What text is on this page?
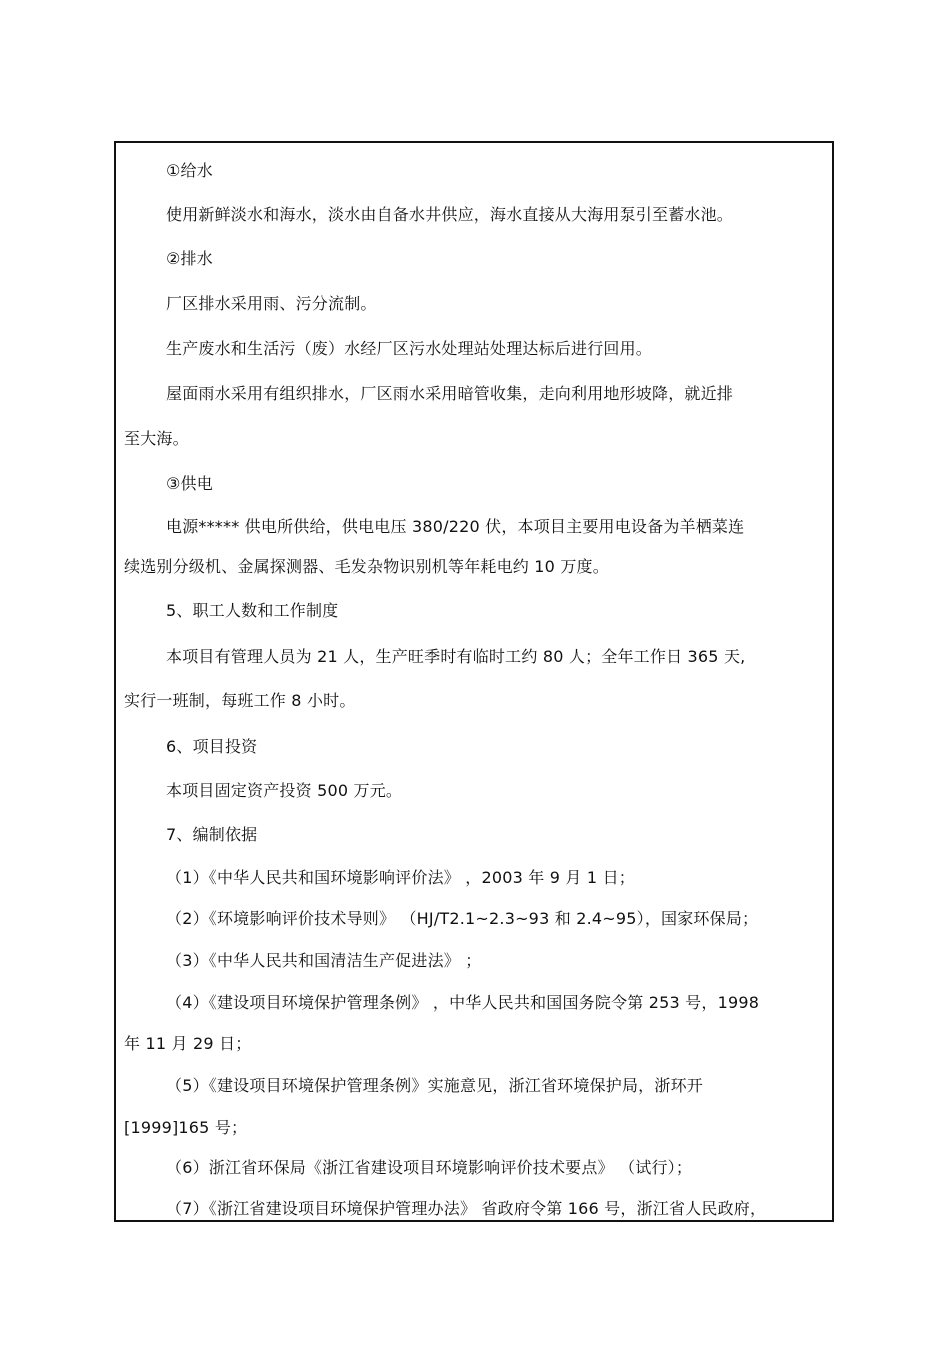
①给水
使用新鲜淡水和海水，淡水由自备水井供应，海水直接从大海用泵引至蓄水池。
②排水
厂区排水采用雨、污分流制。
生产废水和生活污（废）水经厂区污水处理站处理达标后进行回用。
屋面雨水采用有组织排水，厂区雨水采用暗管收集，走向利用地形坡降，就近排
至大海。
③供电
电源***** 供电所供给，供电电压 380/220 伏，本项目主要用电设备为羊栖菜连
续选别分级机、金属探测器、毛发杂物识别机等年耗电约 10 万度。
5、职工人数和工作制度
本项目有管理人员为 21 人，生产旺季时有临时工约 80 人；全年工作日 365 天,
实行一班制，每班工作 8 小时。
6、项目投资
本项目固定资产投资 500 万元。
7、编制依据
（1）《中华人民共和国环境影响评价法》 ，2003 年 9 月 1 日；
（2）《环境影响评价技术导则》 （HJ/T2.1~2.3~93 和 2.4~95），国家环保局；
（3）《中华人民共和国清洁生产促进法》 ；
（4）《建设项目环境保护管理条例》 ，中华人民共和国国务院令第 253 号，1998
年 11 月 29 日；
（5）《建设项目环境保护管理条例》实施意见，浙江省环境保护局，浙环开
[1999]165 号；
（6）浙江省环保局《浙江省建设项目环境影响评价技术要点》 （试行）；
（7）《浙江省建设项目环境保护管理办法》 省政府令第 166 号，浙江省人民政府，
